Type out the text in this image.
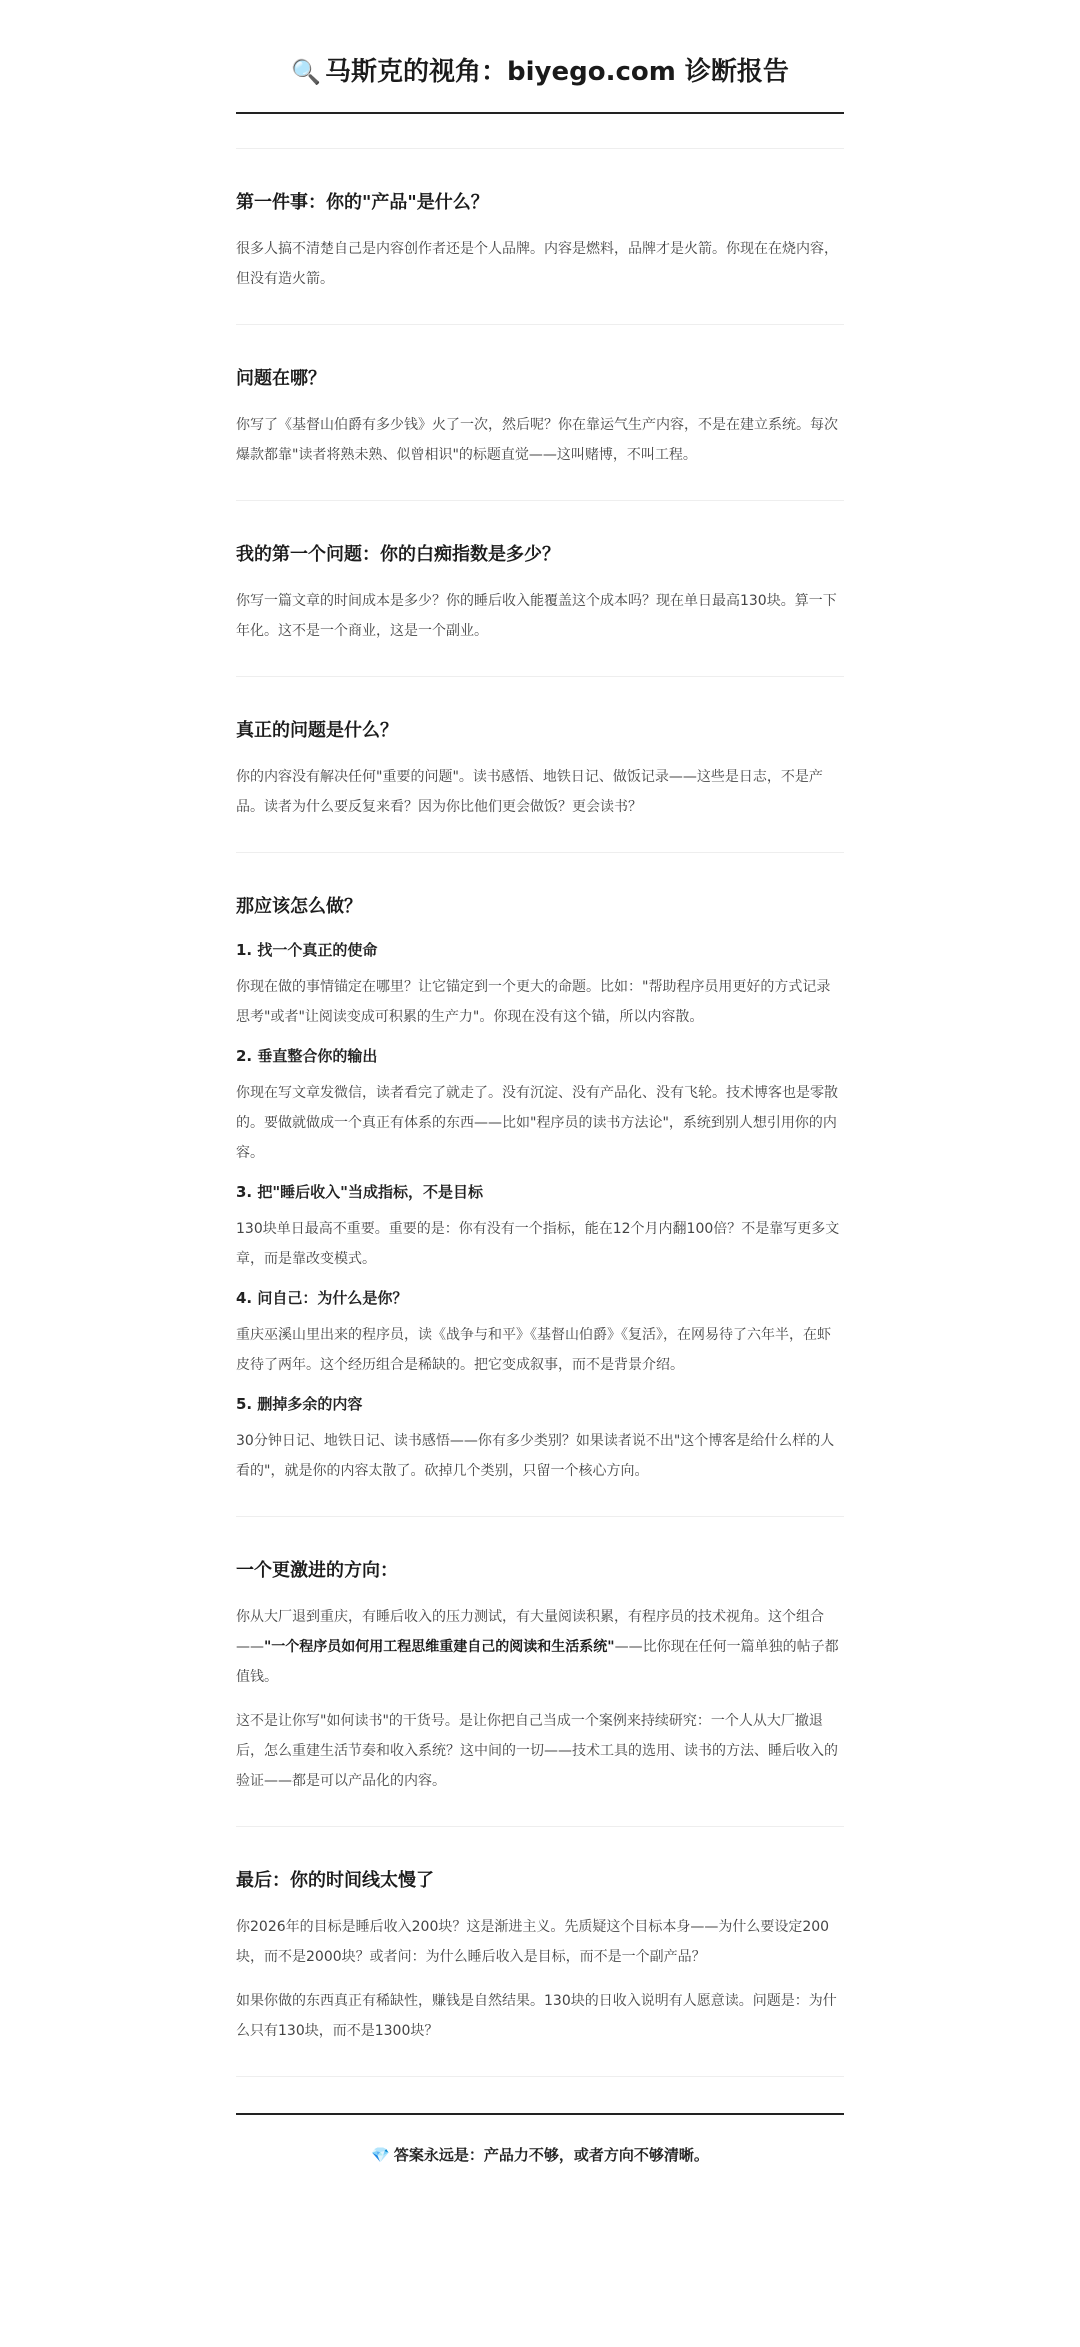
🔍 马斯克的视角：biyego.com 诊断报告
第一件事：你的"产品"是什么？

很多人搞不清楚自己是内容创作者还是个人品牌。内容是燃料，品牌才是火箭。你现在在烧内容，但没有造火箭。

问题在哪？

你写了《基督山伯爵有多少钱》火了一次，然后呢？你在靠运气生产内容，不是在建立系统。每次爆款都靠"读者将熟未熟、似曾相识"的标题直觉——这叫赌博，不叫工程。

我的第一个问题：你的白痴指数是多少？

你写一篇文章的时间成本是多少？你的睡后收入能覆盖这个成本吗？现在单日最高130块。算一下年化。这不是一个商业，这是一个副业。

真正的问题是什么？

你的内容没有解决任何"重要的问题"。读书感悟、地铁日记、做饭记录——这些是日志，不是产品。读者为什么要反复来看？因为你比他们更会做饭？更会读书？

那应该怎么做？
1. 找一个真正的使命

你现在做的事情锚定在哪里？让它锚定到一个更大的命题。比如："帮助程序员用更好的方式记录思考"或者"让阅读变成可积累的生产力"。你现在没有这个锚，所以内容散。

2. 垂直整合你的输出

你现在写文章发微信，读者看完了就走了。没有沉淀、没有产品化、没有飞轮。技术博客也是零散的。要做就做成一个真正有体系的东西——比如"程序员的读书方法论"，系统到别人想引用你的内容。

3. 把"睡后收入"当成指标，不是目标

130块单日最高不重要。重要的是：你有没有一个指标，能在12个月内翻100倍？不是靠写更多文章，而是靠改变模式。

4. 问自己：为什么是你？

重庆巫溪山里出来的程序员，读《战争与和平》《基督山伯爵》《复活》，在网易待了六年半，在虾皮待了两年。这个经历组合是稀缺的。把它变成叙事，而不是背景介绍。

5. 删掉多余的内容

30分钟日记、地铁日记、读书感悟——你有多少类别？如果读者说不出"这个博客是给什么样的人看的"，就是你的内容太散了。砍掉几个类别，只留一个核心方向。

一个更激进的方向：

你从大厂退到重庆，有睡后收入的压力测试，有大量阅读积累，有程序员的技术视角。这个组合——"一个程序员如何用工程思维重建自己的阅读和生活系统"——比你现在任何一篇单独的帖子都值钱。

这不是让你写"如何读书"的干货号。是让你把自己当成一个案例来持续研究：一个人从大厂撤退后，怎么重建生活节奏和收入系统？这中间的一切——技术工具的选用、读书的方法、睡后收入的验证——都是可以产品化的内容。

最后：你的时间线太慢了

你2026年的目标是睡后收入200块？这是渐进主义。先质疑这个目标本身——为什么要设定200块，而不是2000块？或者问：为什么睡后收入是目标，而不是一个副产品？

如果你做的东西真正有稀缺性，赚钱是自然结果。130块的日收入说明有人愿意读。问题是：为什么只有130块，而不是1300块？

💎 答案永远是：产品力不够，或者方向不够清晰。
